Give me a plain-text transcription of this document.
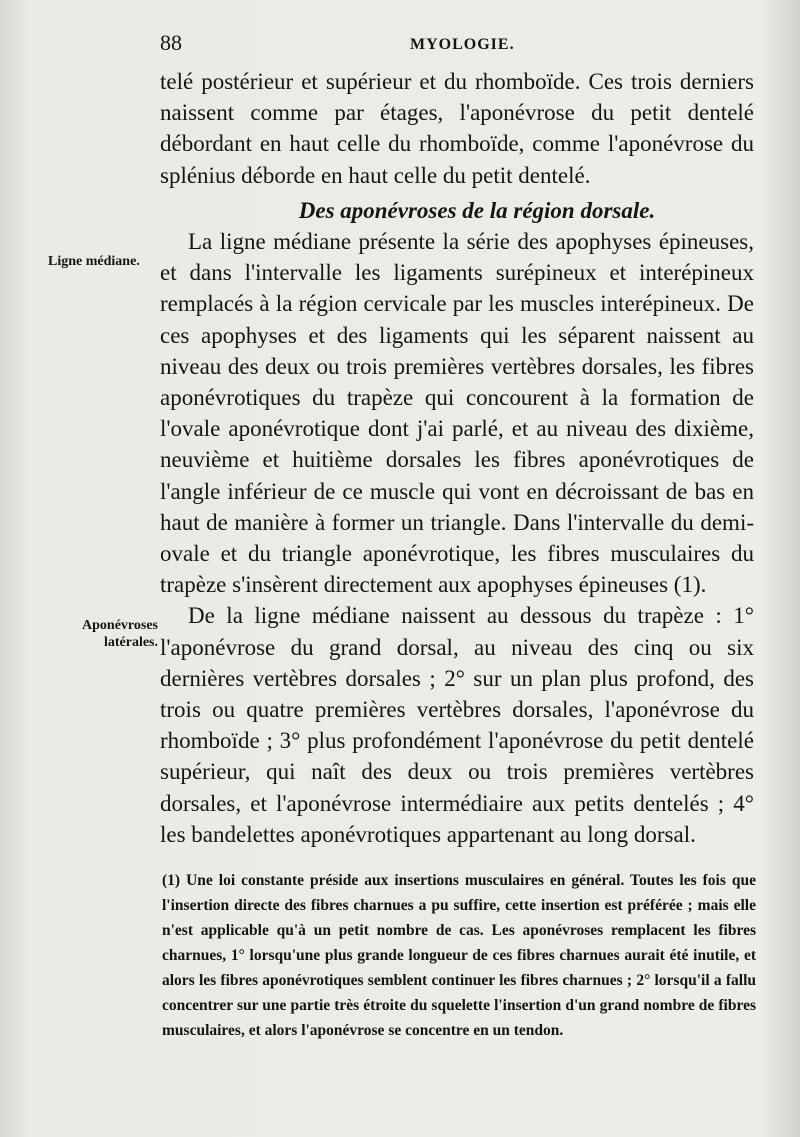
88	MYOLOGIE.
Ligne médiane.
Aponévroses
latérales.

telé postérieur et supérieur et du rhomboïde. Ces trois derniers naissent comme par étages, l'aponévrose du petit dentelé débordant en haut celle du rhomboïde, comme l'aponévrose du splénius déborde en haut celle du petit dentelé.

Des aponévroses de la région dorsale.

La ligne médiane présente la série des apophyses épineuses, et dans l'intervalle les ligaments surépineux et interépineux remplacés à la région cervicale par les muscles interépineux. De ces apophyses et des ligaments qui les séparent naissent au niveau des deux ou trois premières vertèbres dorsales, les fibres aponévrotiques du trapèze qui concourent à la formation de l'ovale aponévrotique dont j'ai parlé, et au niveau des dixième, neuvième et huitième dorsales les fibres aponévrotiques de l'angle inférieur de ce muscle qui vont en décroissant de bas en haut de manière à former un triangle. Dans l'intervalle du demi-ovale et du triangle aponévrotique, les fibres musculaires du trapèze s'insèrent directement aux apophyses épineuses (1).

De la ligne médiane naissent au dessous du trapèze : 1° l'aponévrose du grand dorsal, au niveau des cinq ou six dernières vertèbres dorsales ; 2° sur un plan plus profond, des trois ou quatre premières vertèbres dorsales, l'aponévrose du rhomboïde ; 3° plus profondément l'aponévrose du petit dentelé supérieur, qui naît des deux ou trois premières vertèbres dorsales, et l'aponévrose intermédiaire aux petits dentelés ; 4° les bandelettes aponévrotiques appartenant au long dorsal.

(1) Une loi constante préside aux insertions musculaires en général. Toutes les fois que l'insertion directe des fibres charnues a pu suffire, cette insertion est préférée ; mais elle n'est applicable qu'à un petit nombre de cas. Les aponévroses remplacent les fibres charnues, 1° lorsqu'une plus grande longueur de ces fibres charnues aurait été inutile, et alors les fibres aponévrotiques semblent continuer les fibres charnues ; 2° lorsqu'il a fallu concentrer sur une partie très étroite du squelette l'insertion d'un grand nombre de fibres musculaires, et alors l'aponévrose se concentre en un tendon.
